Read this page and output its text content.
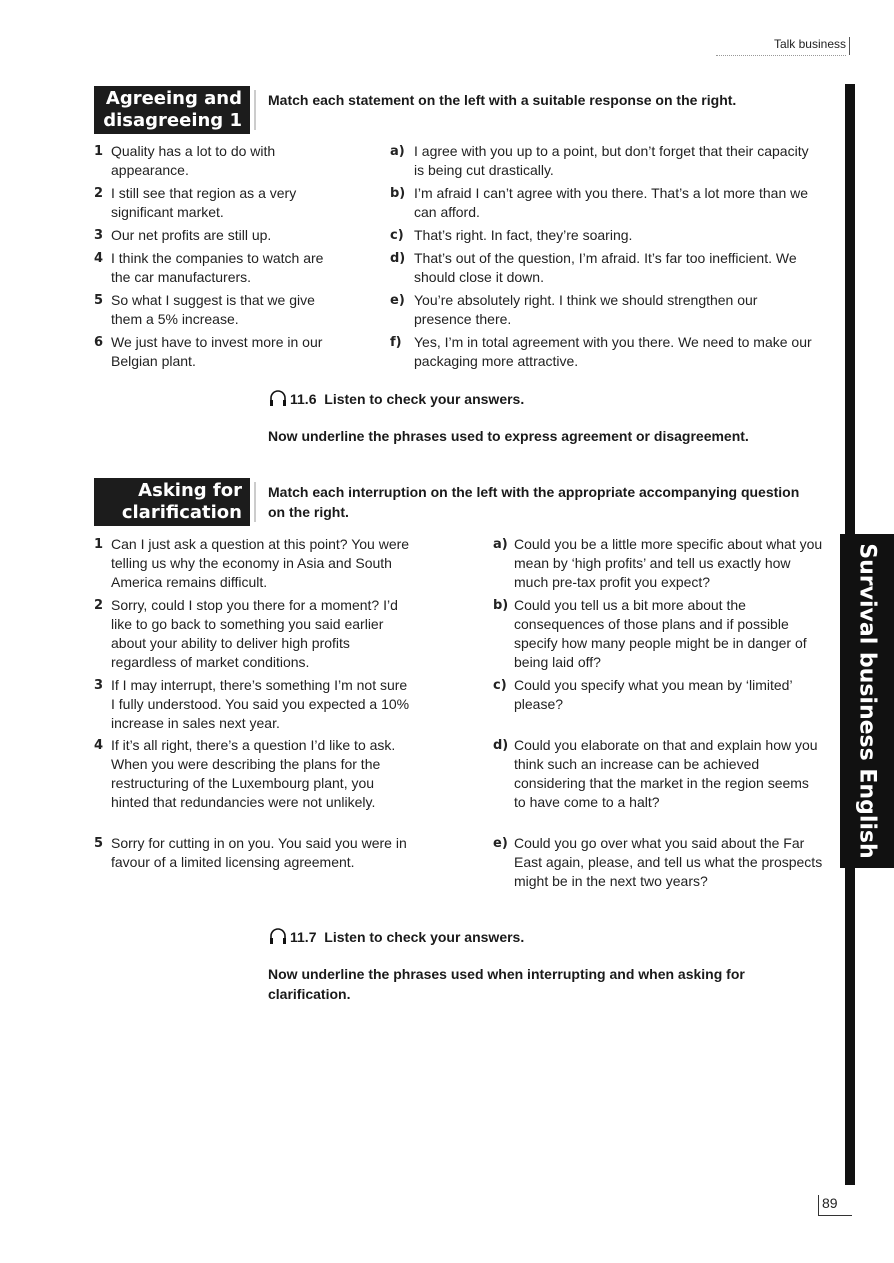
Talk business
Survival business English
89
Agreeing and disagreeing 1
Match each statement on the left with a suitable response on the right.
1 Quality has a lot to do with appearance.
2 I still see that region as a very significant market.
3 Our net profits are still up.
4 I think the companies to watch are the car manufacturers.
5 So what I suggest is that we give them a 5% increase.
6 We just have to invest more in our Belgian plant.
a) I agree with you up to a point, but don’t forget that their capacity is being cut drastically.
b) I’m afraid I can’t agree with you there. That’s a lot more than we can afford.
c) That’s right. In fact, they’re soaring.
d) That’s out of the question, I’m afraid. It’s far too inefficient. We should close it down.
e) You’re absolutely right. I think we should strengthen our presence there.
f) Yes, I’m in total agreement with you there. We need to make our packaging more attractive.
11.6 Listen to check your answers.
Now underline the phrases used to express agreement or disagreement.
Asking for clarification
Match each interruption on the left with the appropriate accompanying question on the right.
1 Can I just ask a question at this point? You were telling us why the economy in Asia and South America remains difficult.
2 Sorry, could I stop you there for a moment? I’d like to go back to something you said earlier about your ability to deliver high profits regardless of market conditions.
3 If I may interrupt, there’s something I’m not sure I fully understood. You said you expected a 10% increase in sales next year.
4 If it’s all right, there’s a question I’d like to ask. When you were describing the plans for the restructuring of the Luxembourg plant, you hinted that redundancies were not unlikely.
5 Sorry for cutting in on you. You said you were in favour of a limited licensing agreement.
a) Could you be a little more specific about what you mean by ‘high profits’ and tell us exactly how much pre-tax profit you expect?
b) Could you tell us a bit more about the consequences of those plans and if possible specify how many people might be in danger of being laid off?
c) Could you specify what you mean by ‘limited’ please?
d) Could you elaborate on that and explain how you think such an increase can be achieved considering that the market in the region seems to have come to a halt?
e) Could you go over what you said about the Far East again, please, and tell us what the prospects might be in the next two years?
11.7 Listen to check your answers.
Now underline the phrases used when interrupting and when asking for clarification.
